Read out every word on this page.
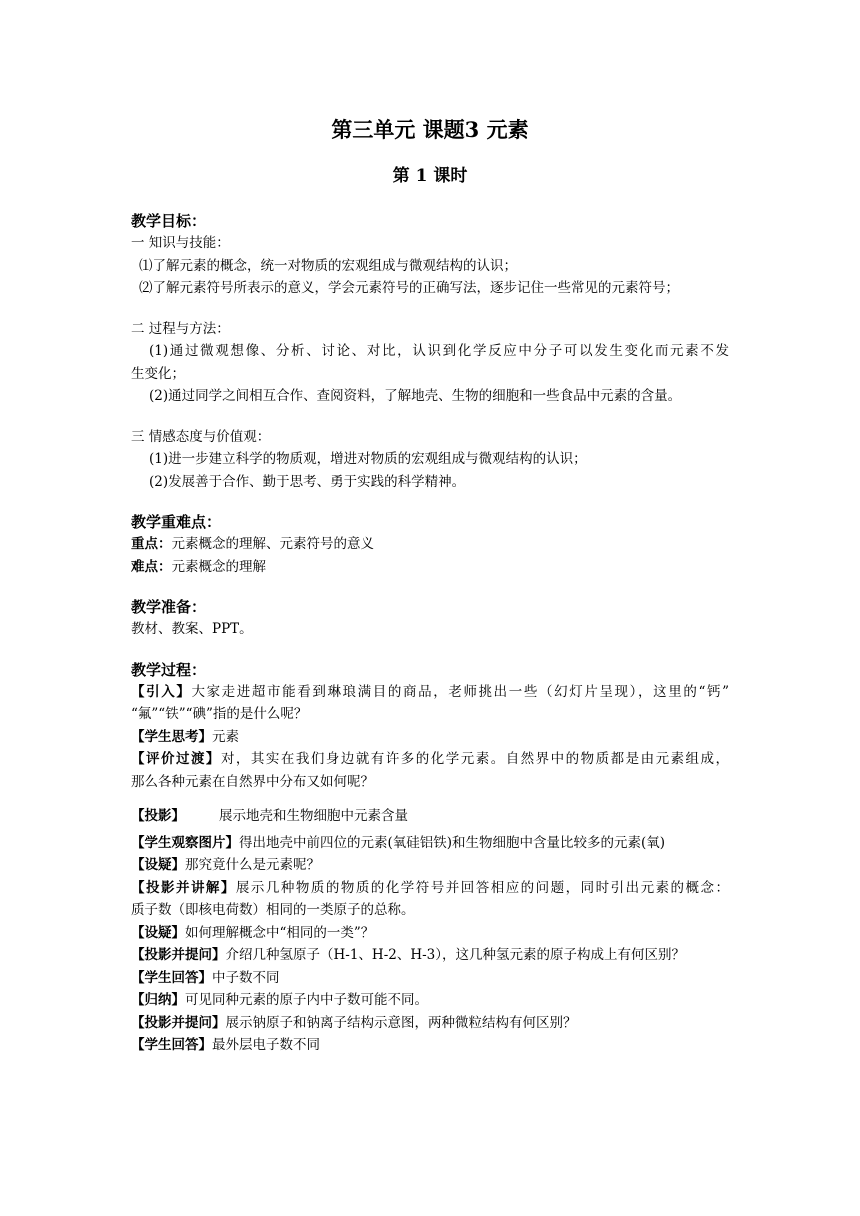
第三单元 课题3 元素
第 1 课时
教学目标：
一 知识与技能：
⑴了解元素的概念，统一对物质的宏观组成与微观结构的认识；
⑵了解元素符号所表示的意义，学会元素符号的正确写法，逐步记住一些常见的元素符号；
二 过程与方法：
(1)通过微观想像、分析、讨论、对比，认识到化学反应中分子可以发生变化而元素不发
生变化；
(2)通过同学之间相互合作、查阅资料，了解地壳、生物的细胞和一些食品中元素的含量。
三 情感态度与价值观：
(1)进一步建立科学的物质观，增进对物质的宏观组成与微观结构的认识；
(2)发展善于合作、勤于思考、勇于实践的科学精神。
教学重难点：
重点：元素概念的理解、元素符号的意义
难点：元素概念的理解
教学准备：
教材、教案、PPT。
教学过程：
【引入】大家走进超市能看到琳琅满目的商品，老师挑出一些（幻灯片呈现），这里的“钙”
“氟”“铁”“碘”指的是什么呢？
【学生思考】元素
【评价过渡】对，其实在我们身边就有许多的化学元素。自然界中的物质都是由元素组成，
那么各种元素在自然界中分布又如何呢？
【投影】	展示地壳和生物细胞中元素含量
【学生观察图片】得出地壳中前四位的元素(氧硅铝铁)和生物细胞中含量比较多的元素(氧)
【设疑】那究竟什么是元素呢？
【投影并讲解】展示几种物质的物质的化学符号并回答相应的问题，同时引出元素的概念：
质子数（即核电荷数）相同的一类原子的总称。
【设疑】如何理解概念中“相同的一类”？
【投影并提问】介绍几种氢原子（H-1、H-2、H-3），这几种氢元素的原子构成上有何区别？
【学生回答】中子数不同
【归纳】可见同种元素的原子内中子数可能不同。
【投影并提问】展示钠原子和钠离子结构示意图，两种微粒结构有何区别？
【学生回答】最外层电子数不同
